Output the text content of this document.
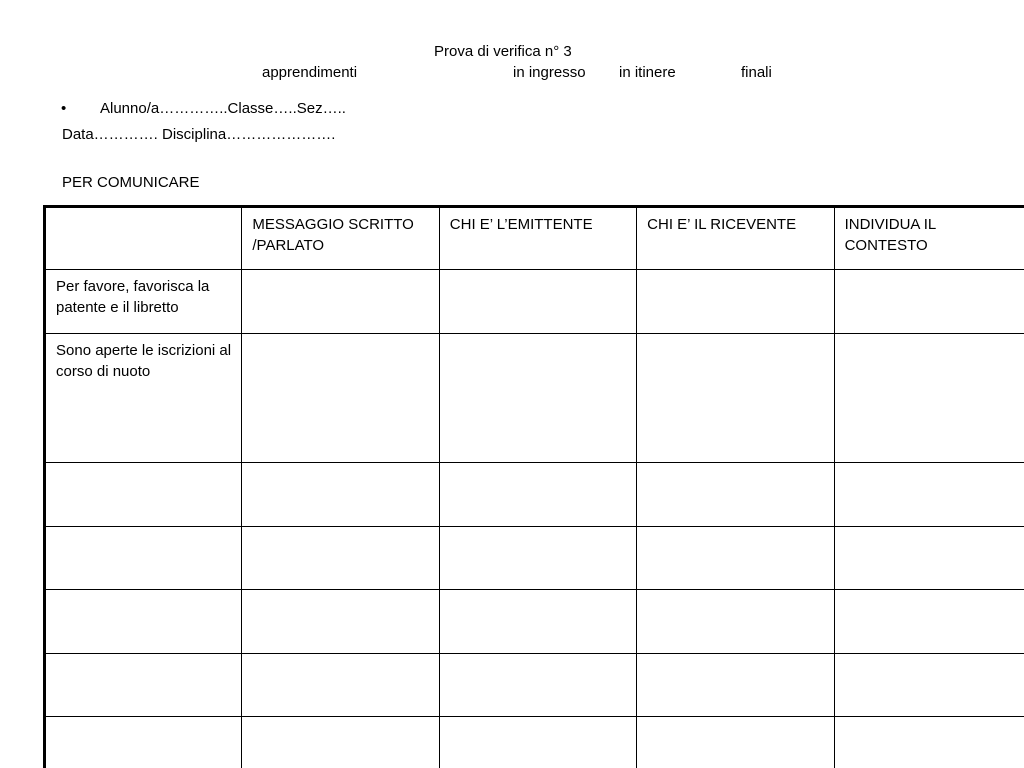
Prova di verifica n° 3
apprendimenti	in ingresso in itinere	finali
• Alunno/a…………..Classe…..Sez…..
Data…………. Disciplina………………….
PER COMUNICARE
	MESSAGGIO SCRITTO /PARLATO	CHI E’ L’EMITTENTE	CHI E’ IL RICEVENTE	INDIVIDUA IL CONTESTO
Per favore, favorisca la patente e il libretto				
Sono aperte le iscrizioni al corso di nuoto				
